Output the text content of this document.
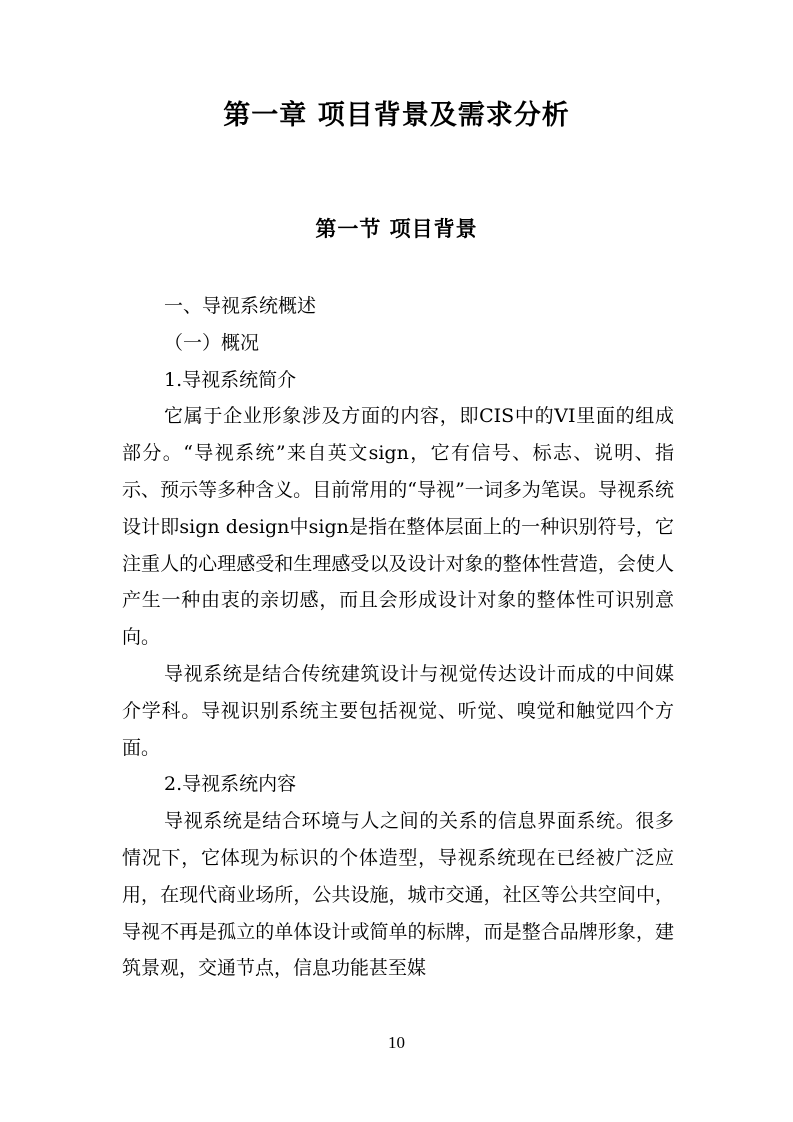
第一章 项目背景及需求分析
第一节 项目背景

一、导视系统概述

（一）概况

1.导视系统简介

它属于企业形象涉及方面的内容，即CIS中的VI里面的组成部分。“导视系统”来自英文sign，它有信号、标志、说明、指示、预示等多种含义。目前常用的“导视”一词多为笔误。导视系统设计即sign design中sign是指在整体层面上的一种识别符号，它注重人的心理感受和生理感受以及设计对象的整体性营造，会使人产生一种由衷的亲切感，而且会形成设计对象的整体性可识别意向。

导视系统是结合传统建筑设计与视觉传达设计而成的中间媒介学科。导视识别系统主要包括视觉、听觉、嗅觉和触觉四个方面。

2.导视系统内容

导视系统是结合环境与人之间的关系的信息界面系统。很多情况下，它体现为标识的个体造型，导视系统现在已经被广泛应用，在现代商业场所，公共设施，城市交通，社区等公共空间中，导视不再是孤立的单体设计或简单的标牌，而是整合品牌形象，建筑景观，交通节点，信息功能甚至媒

10
